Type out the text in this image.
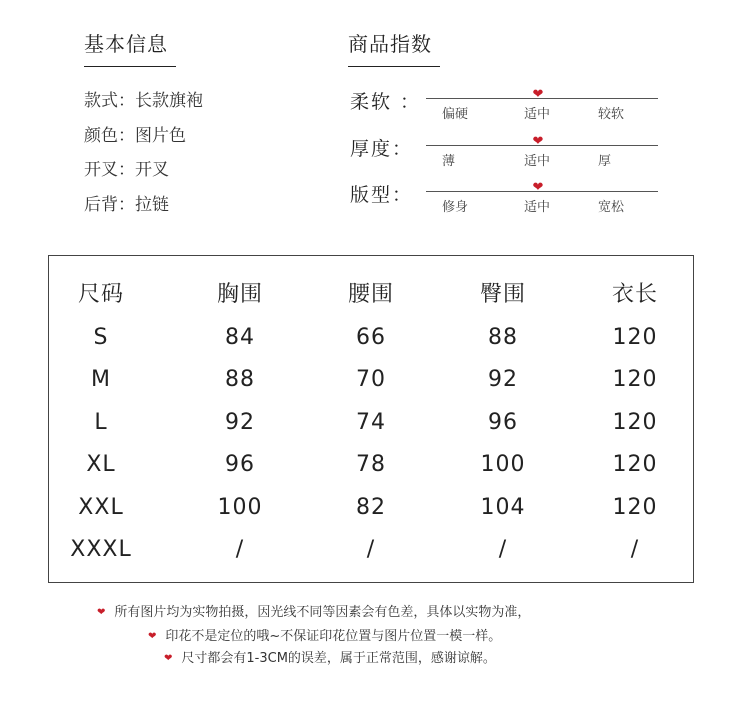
基本信息	商品指数
款式：长款旗袍
颜色：图片色
开叉：开叉
后背：拉链
柔软 ：	❤
偏硬	适中	较软
厚度：	❤
薄	适中	厚
版型：	❤
修身	适中	宽松
尺码	胸围	腰围	臀围	衣长
S	84	66	88	120
M	88	70	92	120
L	92	74	96	120
XL	96	78	100	120
XXL	100	82	104	120
XXXL	/	/	/	/
❤ 所有图片均为实物拍摄，因光线不同等因素会有色差，具体以实物为准，
❤ 印花不是定位的哦~不保证印花位置与图片位置一模一样。
❤ 尺寸都会有1-3CM的误差，属于正常范围，感谢谅解。
